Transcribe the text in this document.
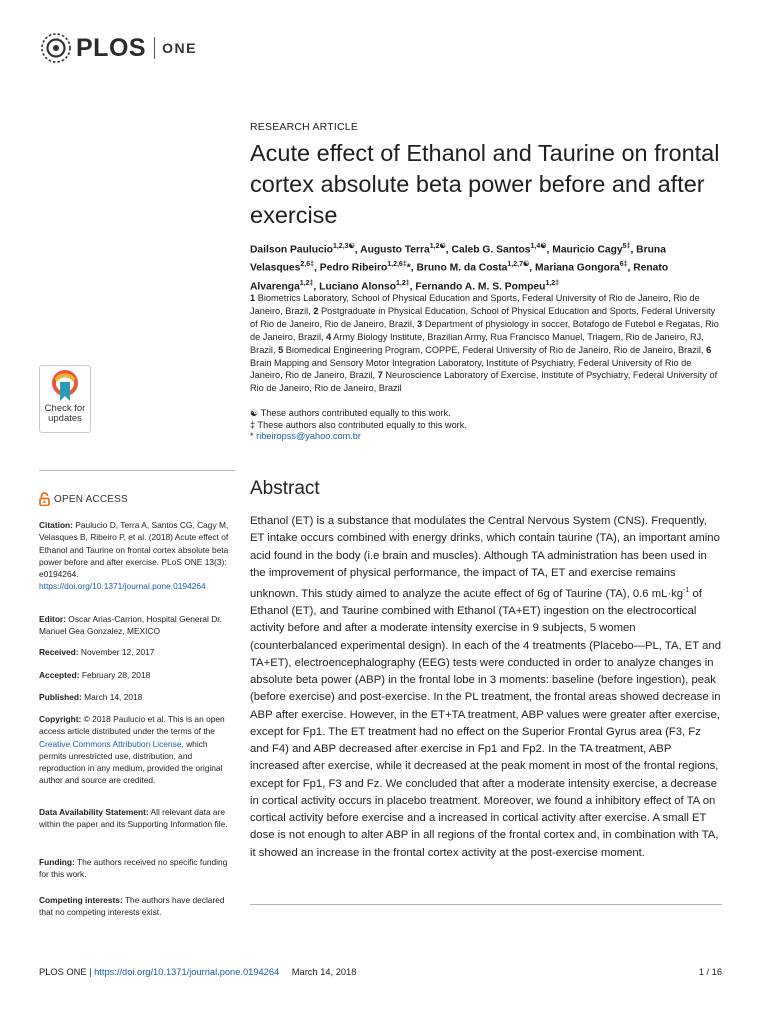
PLOS ONE
RESEARCH ARTICLE
Acute effect of Ethanol and Taurine on frontal cortex absolute beta power before and after exercise
Dailson Paulucio$^{1,2,3☯}$, Augusto Terra$^{1,2☯}$, Caleb G. Santos$^{1,4☯}$, Mauricio Cagy$^{5\ddagger}$, Bruna Velasques$^{2,6\ddagger}$, Pedro Ribeiro$^{1,2,6\ddagger}$*, Bruno M. da Costa$^{1,2,7☯}$, Mariana Gongora$^{6\ddagger}$, Renato Alvarenga$^{1,2\ddagger}$, Luciano Alonso$^{1,2\ddagger}$, Fernando A. M. S. Pompeu$^{1,2\ddagger}$
1 Biometrics Laboratory, School of Physical Education and Sports, Federal University of Rio de Janeiro, Rio de Janeiro, Brazil, 2 Postgraduate in Physical Education, School of Physical Education and Sports, Federal University of Rio de Janeiro, Rio de Janeiro, Brazil, 3 Department of physiology in soccer, Botafogo de Futebol e Regatas, Rio de Janeiro, Brazil, 4 Army Biology Institute, Brazilian Army, Rua Francisco Manuel, Triagem, Rio de Janeiro, RJ, Brazil, 5 Biomedical Engineering Program, COPPE, Federal University of Rio de Janeiro, Rio de Janeiro, Brazil, 6 Brain Mapping and Sensory Motor Integration Laboratory, Institute of Psychiatry, Federal University of Rio de Janeiro, Rio de Janeiro, Brazil, 7 Neuroscience Laboratory of Exercise, Institute of Psychiatry, Federal University of Rio de Janeiro, Rio de Janeiro, Brazil
☯ These authors contributed equally to this work.
‡ These authors also contributed equally to this work.
* ribeiropss@yahoo.com.br
Abstract

Ethanol (ET) is a substance that modulates the Central Nervous System (CNS). Frequently, ET intake occurs combined with energy drinks, which contain taurine (TA), an important amino acid found in the body (i.e brain and muscles). Although TA administration has been used in the improvement of physical performance, the impact of TA, ET and exercise remains unknown. This study aimed to analyze the acute effect of 6g of Taurine (TA), 0.6 $mL\cdot kg^{-1}$ of Ethanol (ET), and Taurine combined with Ethanol (TA+ET) ingestion on the electrocortical activity before and after a moderate intensity exercise in 9 subjects, 5 women (counterbalanced experimental design). In each of the 4 treatments (Placebo—PL, TA, ET and TA+ET), electroencephalography (EEG) tests were conducted in order to analyze changes in absolute beta power (ABP) in the frontal lobe in 3 moments: baseline (before ingestion), peak (before exercise) and post-exercise. In the PL treatment, the frontal areas showed decrease in ABP after exercise. However, in the ET+TA treatment, ABP values were greater after exercise, except for Fp1. The ET treatment had no effect on the Superior Frontal Gyrus area (F3, Fz and F4) and ABP decreased after exercise in Fp1 and Fp2. In the TA treatment, ABP increased after exercise, while it decreased at the peak moment in most of the frontal regions, except for Fp1, F3 and Fz. We concluded that after a moderate intensity exercise, a decrease in cortical activity occurs in placebo treatment. Moreover, we found a inhibitory effect of TA on cortical activity before exercise and a increased in cortical activity after exercise. A small ET dose is not enough to alter ABP in all regions of the frontal cortex and, in combination with TA, it showed an increase in the frontal cortex activity at the post-exercise moment.

Check for updates
OPEN ACCESS
Citation: Paulucio D, Terra A, Santos CG, Cagy M, Velasques B, Ribeiro P, et al. (2018) Acute effect of Ethanol and Taurine on frontal cortex absolute beta power before and after exercise. PLoS ONE 13(3): e0194264. https://doi.org/10.1371/journal.pone.0194264
Editor: Oscar Arias-Carrion, Hospital General Dr. Manuel Gea Gonzalez, MEXICO
Received: November 12, 2017
Accepted: February 28, 2018
Published: March 14, 2018
Copyright: © 2018 Paulucio et al. This is an open access article distributed under the terms of the Creative Commons Attribution License, which permits unrestricted use, distribution, and reproduction in any medium, provided the original author and source are credited.
Data Availability Statement: All relevant data are within the paper and its Supporting Information file.
Funding: The authors received no specific funding for this work.
Competing interests: The authors have declared that no competing interests exist.
PLOS ONE | https://doi.org/10.1371/journal.pone.0194264 March 14, 2018	1 / 16
